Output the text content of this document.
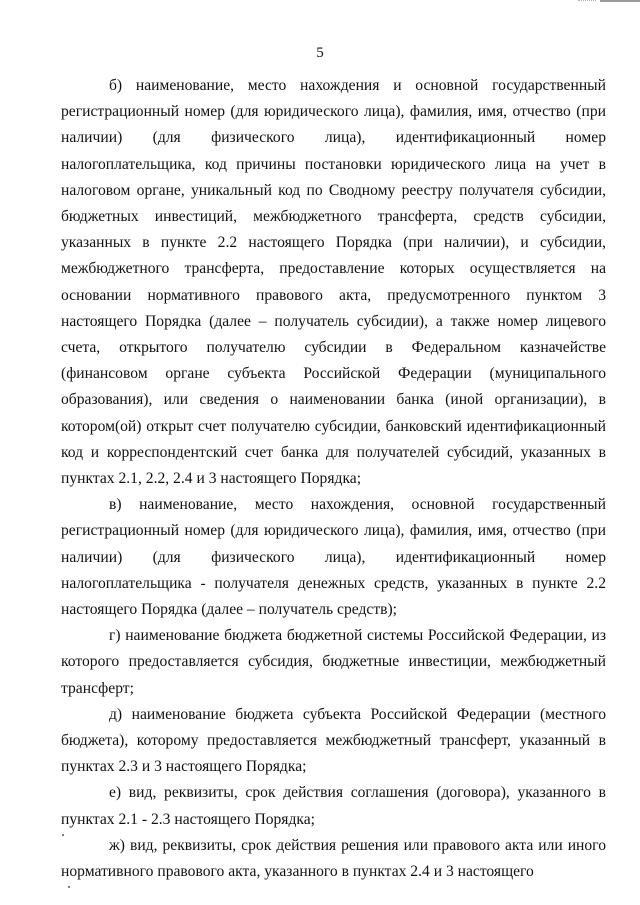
5

б) наименование, место нахождения и основной государственный регистрационный номер (для юридического лица), фамилия, имя, отчество (при наличии) (для физического лица), идентификационный номер налогоплательщика, код причины постановки юридического лица на учет в налоговом органе, уникальный код по Сводному реестру получателя субсидии, бюджетных инвестиций, межбюджетного трансферта, средств субсидии, указанных в пункте 2.2 настоящего Порядка (при наличии), и субсидии, межбюджетного трансферта, предоставление которых осуществляется на основании нормативного правового акта, предусмотренного пунктом 3 настоящего Порядка (далее – получатель субсидии), а также номер лицевого счета, открытого получателю субсидии в Федеральном казначействе (финансовом органе субъекта Российской Федерации (муниципального образования), или сведения о наименовании банка (иной организации), в котором(ой) открыт счет получателю субсидии, банковский идентификационный код и корреспондентский счет банка для получателей субсидий, указанных в пунктах 2.1, 2.2, 2.4 и 3 настоящего Порядка;

в) наименование, место нахождения, основной государственный регистрационный номер (для юридического лица), фамилия, имя, отчество (при наличии) (для физического лица), идентификационный номер налогоплательщика - получателя денежных средств, указанных в пункте 2.2 настоящего Порядка (далее – получатель средств);

г) наименование бюджета бюджетной системы Российской Федерации, из которого предоставляется субсидия, бюджетные инвестиции, межбюджетный трансферт;

д) наименование бюджета субъекта Российской Федерации (местного бюджета), которому предоставляется межбюджетный трансферт, указанный в пунктах 2.3 и 3 настоящего Порядка;

е) вид, реквизиты, срок действия соглашения (договора), указанного в пунктах 2.1 - 2.3 настоящего Порядка;

ж) вид, реквизиты, срок действия решения или правового акта или иного нормативного правового акта, указанного в пунктах 2.4 и 3 настоящего
